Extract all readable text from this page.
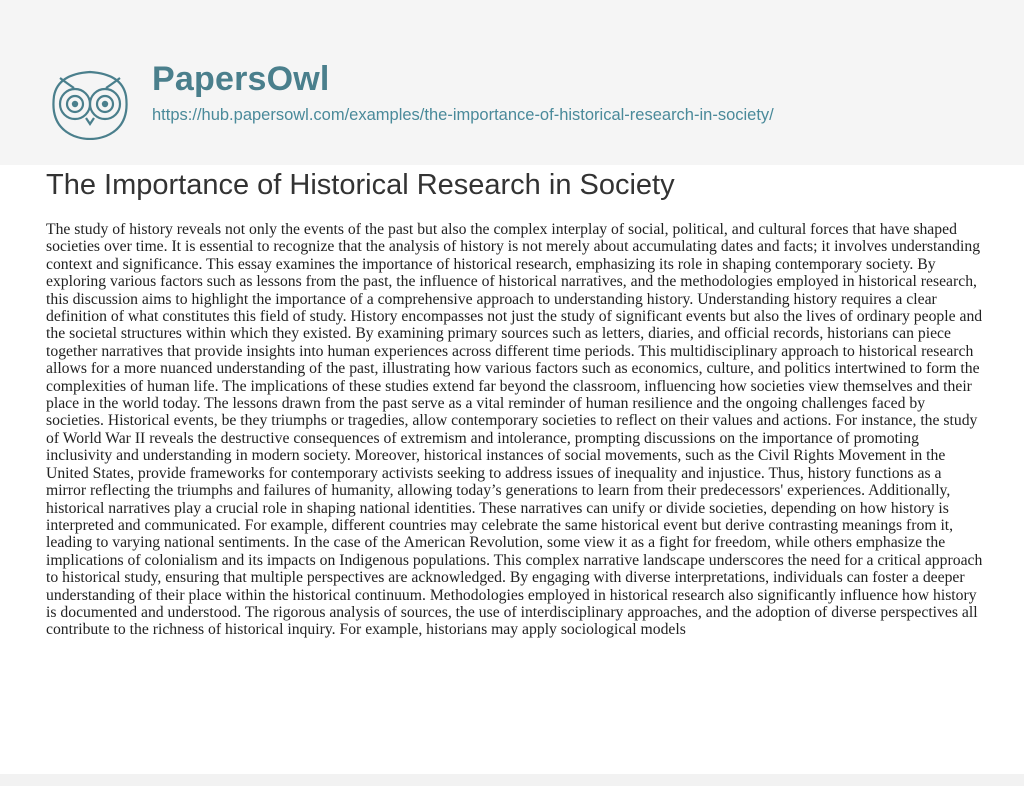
PapersOwl
https://hub.papersowl.com/examples/the-importance-of-historical-research-in-society/
The Importance of Historical Research in Society

The study of history reveals not only the events of the past but also the complex interplay of social, political, and cultural forces that have shaped societies over time. It is essential to recognize that the analysis of history is not merely about accumulating dates and facts; it involves understanding context and significance. This essay examines the importance of historical research, emphasizing its role in shaping contemporary society. By exploring various factors such as lessons from the past, the influence of historical narratives, and the methodologies employed in historical research, this discussion aims to highlight the importance of a comprehensive approach to understanding history. Understanding history requires a clear definition of what constitutes this field of study. History encompasses not just the study of significant events but also the lives of ordinary people and the societal structures within which they existed. By examining primary sources such as letters, diaries, and official records, historians can piece together narratives that provide insights into human experiences across different time periods. This multidisciplinary approach to historical research allows for a more nuanced understanding of the past, illustrating how various factors such as economics, culture, and politics intertwined to form the complexities of human life. The implications of these studies extend far beyond the classroom, influencing how societies view themselves and their place in the world today. The lessons drawn from the past serve as a vital reminder of human resilience and the ongoing challenges faced by societies. Historical events, be they triumphs or tragedies, allow contemporary societies to reflect on their values and actions. For instance, the study of World War II reveals the destructive consequences of extremism and intolerance, prompting discussions on the importance of promoting inclusivity and understanding in modern society. Moreover, historical instances of social movements, such as the Civil Rights Movement in the United States, provide frameworks for contemporary activists seeking to address issues of inequality and injustice. Thus, history functions as a mirror reflecting the triumphs and failures of humanity, allowing today’s generations to learn from their predecessors' experiences. Additionally, historical narratives play a crucial role in shaping national identities. These narratives can unify or divide societies, depending on how history is interpreted and communicated. For example, different countries may celebrate the same historical event but derive contrasting meanings from it, leading to varying national sentiments. In the case of the American Revolution, some view it as a fight for freedom, while others emphasize the implications of colonialism and its impacts on Indigenous populations. This complex narrative landscape underscores the need for a critical approach to historical study, ensuring that multiple perspectives are acknowledged. By engaging with diverse interpretations, individuals can foster a deeper understanding of their place within the historical continuum. Methodologies employed in historical research also significantly influence how history is documented and understood. The rigorous analysis of sources, the use of interdisciplinary approaches, and the adoption of diverse perspectives all contribute to the richness of historical inquiry. For example, historians may apply sociological models
